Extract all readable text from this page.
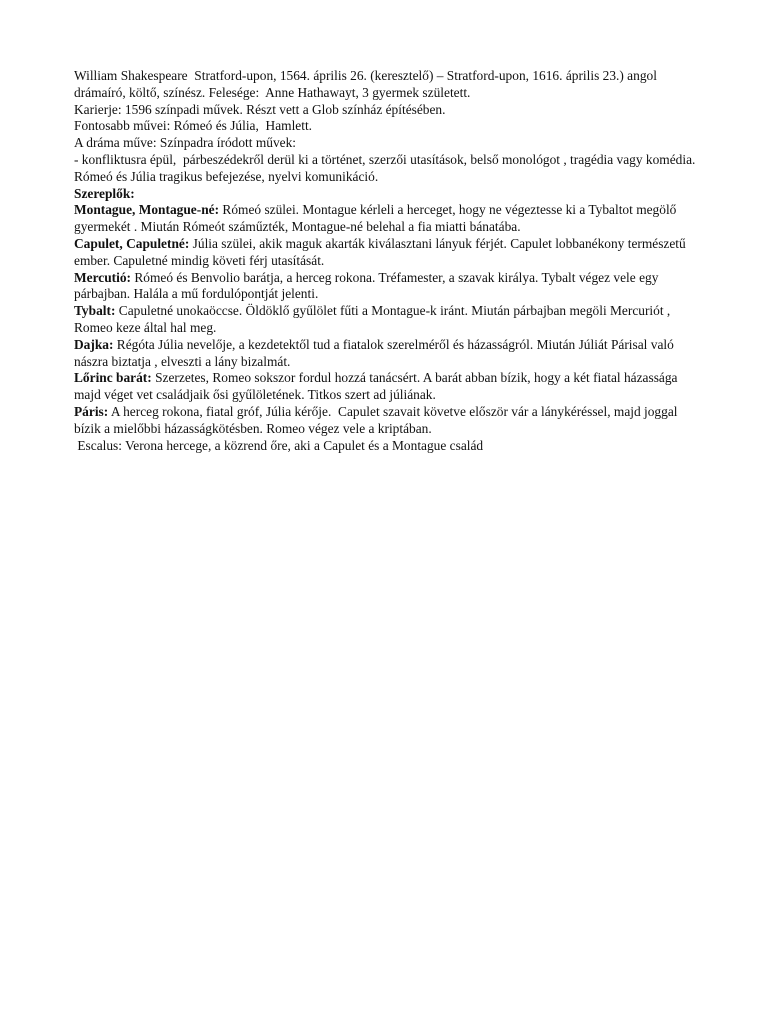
William Shakespeare  Stratford-upon, 1564. április 26. (keresztelő) – Stratford-upon, 1616. április 23.) angol drámaíró, költő, színész. Felesége:  Anne Hathawayt, 3 gyermek született.
Karierje: 1596 színpadi művek. Részt vett a Glob színház építésében.
Fontosabb művei: Rómeó és Júlia,  Hamlett.
A dráma műve: Színpadra íródott művek:
- konfliktusra épül,  párbeszédekről derül ki a történet, szerzői utasítások, belső monológot , tragédia vagy komédia.
Rómeó és Júlia tragikus befejezése, nyelvi komunikáció.
Szereplők:
Montague, Montague-né: Rómeó szülei. Montague kérleli a herceget, hogy ne végeztesse ki a Tybaltot megölő gyermekét . Miután Rómeót száműzték, Montague-né belehal a fia miatti bánatába.
Capulet, Capuletné: Júlia szülei, akik maguk akarták kiválasztani lányuk férjét. Capulet lobbanékony természetű ember. Capuletné mindig követi férj utasítását.
Mercutió: Rómeó és Benvolio barátja, a herceg rokona. Tréfamester, a szavak királya. Tybalt végez vele egy párbajban. Halála a mű fordulópontját jelenti.
Tybalt: Capuletné unokaöccse. Öldöklő gyűlölet fűti a Montague-k iránt. Miután párbajban megöli Mercuriót , Romeo keze által hal meg.
Dajka: Régóta Júlia nevelője, a kezdetektől tud a fiatalok szerelméről és házasságról. Miután Júliát Párisal való nászra biztatja , elveszti a lány bizalmát.
Lőrinc barát: Szerzetes, Romeo sokszor fordul hozzá tanácsért. A barát abban bízik, hogy a két fiatal házassága majd véget vet családjaik ősi gyűlöletének. Titkos szert ad júliának.
Páris: A herceg rokona, fiatal gróf, Júlia kérője.  Capulet szavait követve először vár a lánykéréssel, majd joggal bízik a mielőbbi házasságkötésben. Romeo végez vele a kriptában.
Escalus: Verona hercege, a közrend őre, aki a Capulet és a Montague család
